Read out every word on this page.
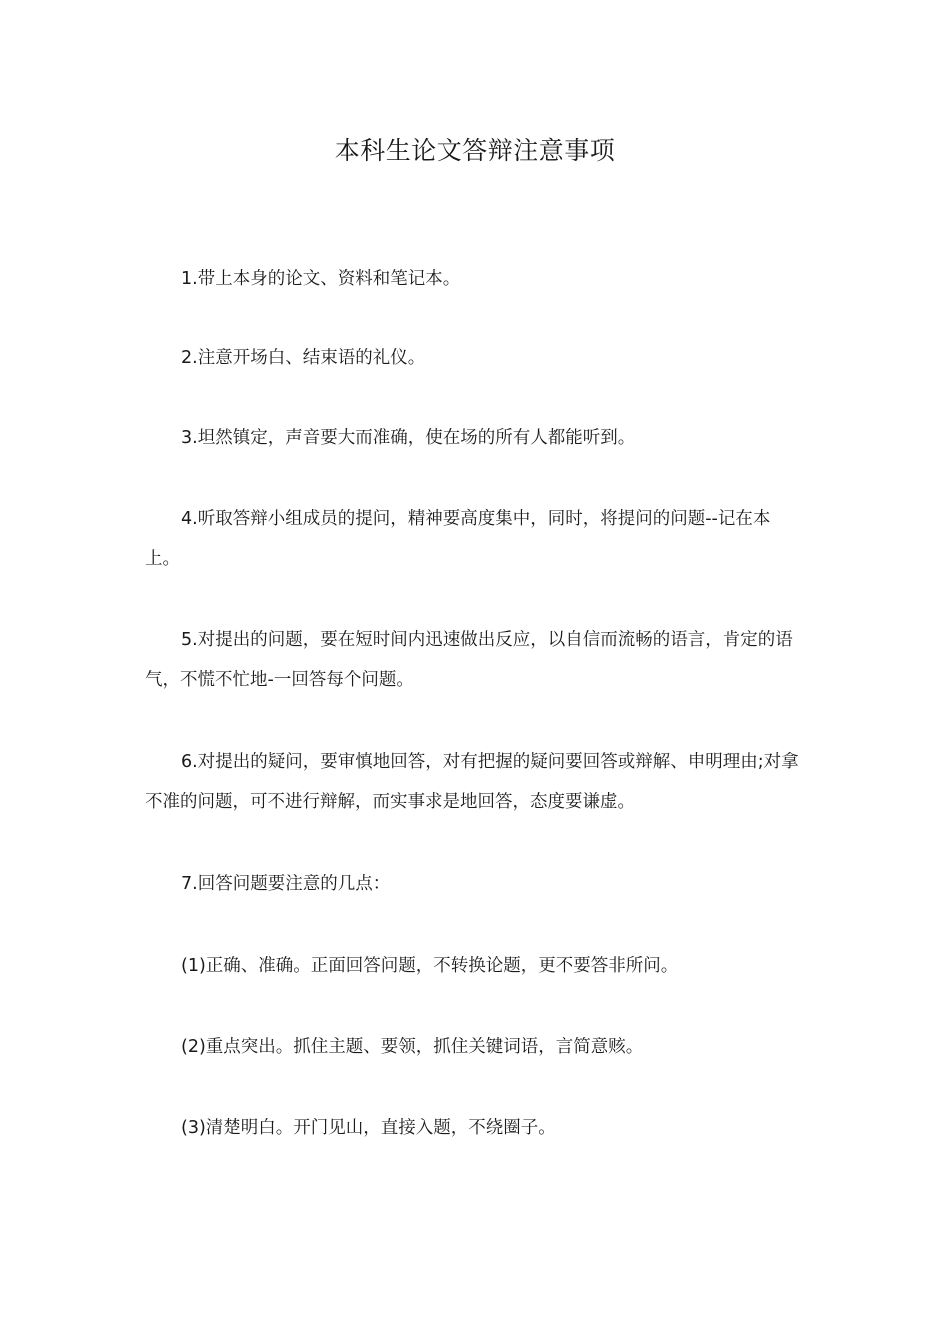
本科生论文答辩注意事项

1.带上本身的论文、资料和笔记本。

2.注意开场白、结束语的礼仪。

3.坦然镇定，声音要大而准确，使在场的所有人都能听到。

4.听取答辩小组成员的提问，精神要高度集中，同时，将提问的问题--记在本上。

5.对提出的问题，要在短时间内迅速做出反应，以自信而流畅的语言，肯定的语气，不慌不忙地-一回答每个问题。

6.对提出的疑问，要审慎地回答，对有把握的疑问要回答或辩解、申明理由;对拿不准的问题，可不进行辩解，而实事求是地回答，态度要谦虚。

7.回答问题要注意的几点：

(1)正确、准确。正面回答问题，不转换论题，更不要答非所问。

(2)重点突出。抓住主题、要领，抓住关键词语，言简意赅。

(3)清楚明白。开门见山，直接入题，不绕圈子。
